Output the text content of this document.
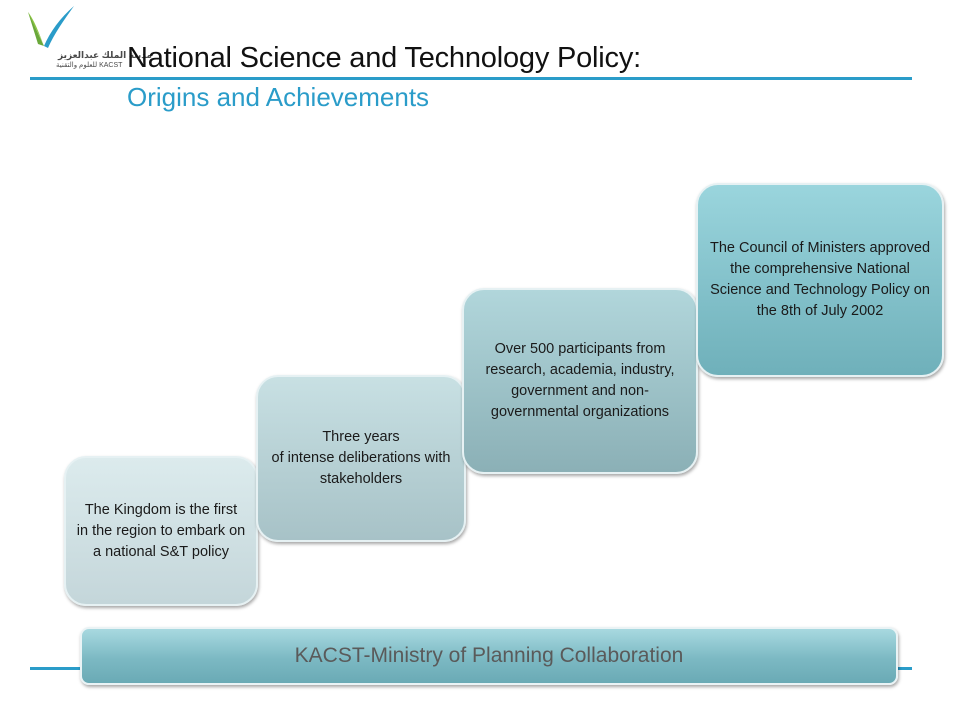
مدينة الملك عبدالعزيز
للعلوم والتقنية KACST National Science and Technology Policy:
Origins and Achievements
The Kingdom is the first
in the region to embark on a national S&T policy
Three years
of intense deliberations with stakeholders
Over 500 participants from research, academia, industry, government and non-governmental organizations
The Council of Ministers approved the comprehensive National Science and Technology Policy on the 8th of July 2002
KACST-Ministry of Planning Collaboration
